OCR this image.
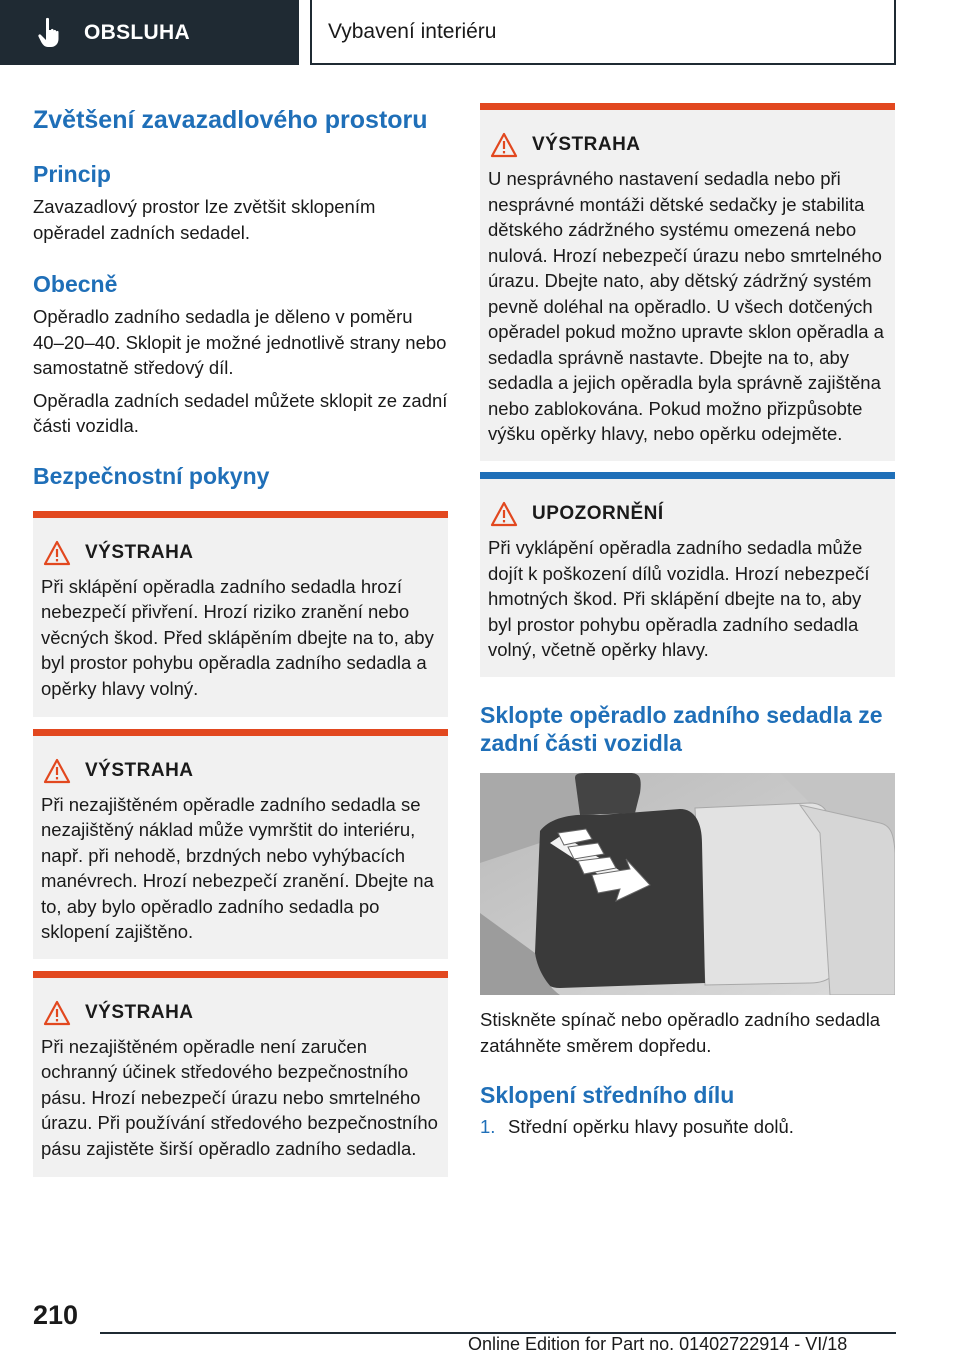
OBSLUHA	Vybavení interiéru
Zvětšení zavazadlového prostoru
Princip

Zavazadlový prostor lze zvětšit sklopením opěradel zadních sedadel.

Obecně

Opěradlo zadního sedadla je děleno v poměru 40–20–40. Sklopit je možné jednotlivě strany nebo samostatně středový díl.

Opěradla zadních sedadel můžete sklopit ze zadní části vozidla.

Bezpečnostní pokyny
VÝSTRAHA
Při sklápění opěradla zadního sedadla hrozí nebezpečí přivření. Hrozí riziko zranění nebo věcných škod. Před sklápěním dbejte na to, aby byl prostor pohybu opěradla zadního sedadla a opěrky hlavy volný.
VÝSTRAHA
Při nezajištěném opěradle zadního sedadla se nezajištěný náklad může vymrštit do interiéru, např. při nehodě, brzdných nebo vyhýbacích manévrech. Hrozí nebezpečí zranění. Dbejte na to, aby bylo opěradlo zadního sedadla po sklopení zajištěno.
VÝSTRAHA
Při nezajištěném opěradle není zaručen ochranný účinek středového bezpečnostního pásu. Hrozí nebezpečí úrazu nebo smrtelného úrazu. Při používání středového bezpečnostního pásu zajistěte širší opěradlo zadního sedadla.
VÝSTRAHA
U nesprávného nastavení sedadla nebo při nesprávné montáži dětské sedačky je stabilita dětského zádržného systému omezená nebo nulová. Hrozí nebezpečí úrazu nebo smrtelného úrazu. Dbejte nato, aby dětský zádržný systém pevně doléhal na opěradlo. U všech dotčených opěradel pokud možno upravte sklon opěradla a sedadla správně nastavte. Dbejte na to, aby sedadla a jejich opěradla byla správně zajištěna nebo zablokována. Pokud možno přizpůsobte výšku opěrky hlavy, nebo opěrku odejměte.
UPOZORNĚNÍ
Při vyklápění opěradla zadního sedadla může dojít k poškození dílů vozidla. Hrozí nebezpečí hmotných škod. Při sklápění dbejte na to, aby byl prostor pohybu opěradla zadního sedadla volný, včetně opěrky hlavy.
Sklopte opěradlo zadního sedadla ze zadní části vozidla

Stiskněte spínač nebo opěradlo zadního sedadla zatáhněte směrem dopředu.

Sklopení středního dílu
1. Střední opěrku hlavy posuňte dolů.
210
Online Edition for Part no. 01402722914 - VI/18
